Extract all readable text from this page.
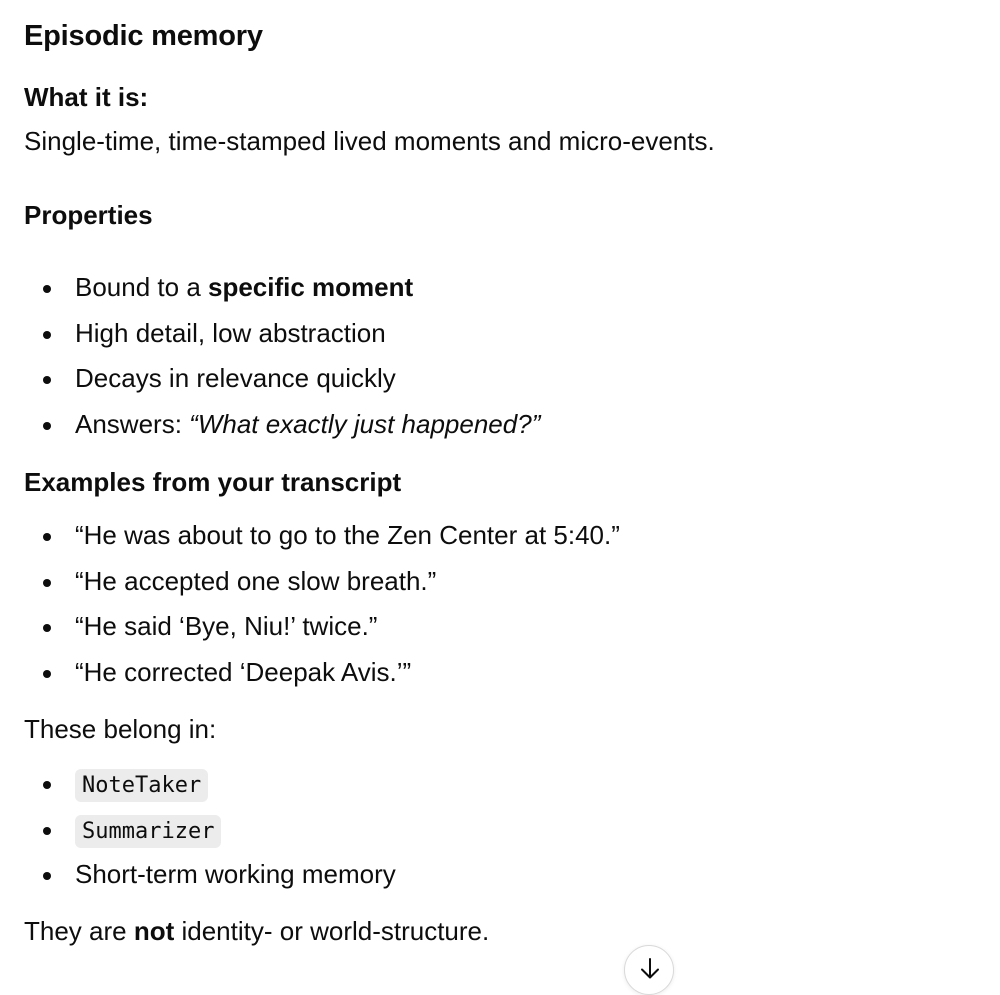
Episodic memory
What it is:
Single-time, time-stamped lived moments and micro-events.
Properties
Bound to a specific moment
High detail, low abstraction
Decays in relevance quickly
Answers: “What exactly just happened?”
Examples from your transcript
“He was about to go to the Zen Center at 5:40.”
“He accepted one slow breath.”
“He said ‘Bye, Niu!’ twice.”
“He corrected ‘Deepak Avis.’”
These belong in:
NoteTaker
Summarizer
Short-term working memory
They are not identity- or world-structure.
